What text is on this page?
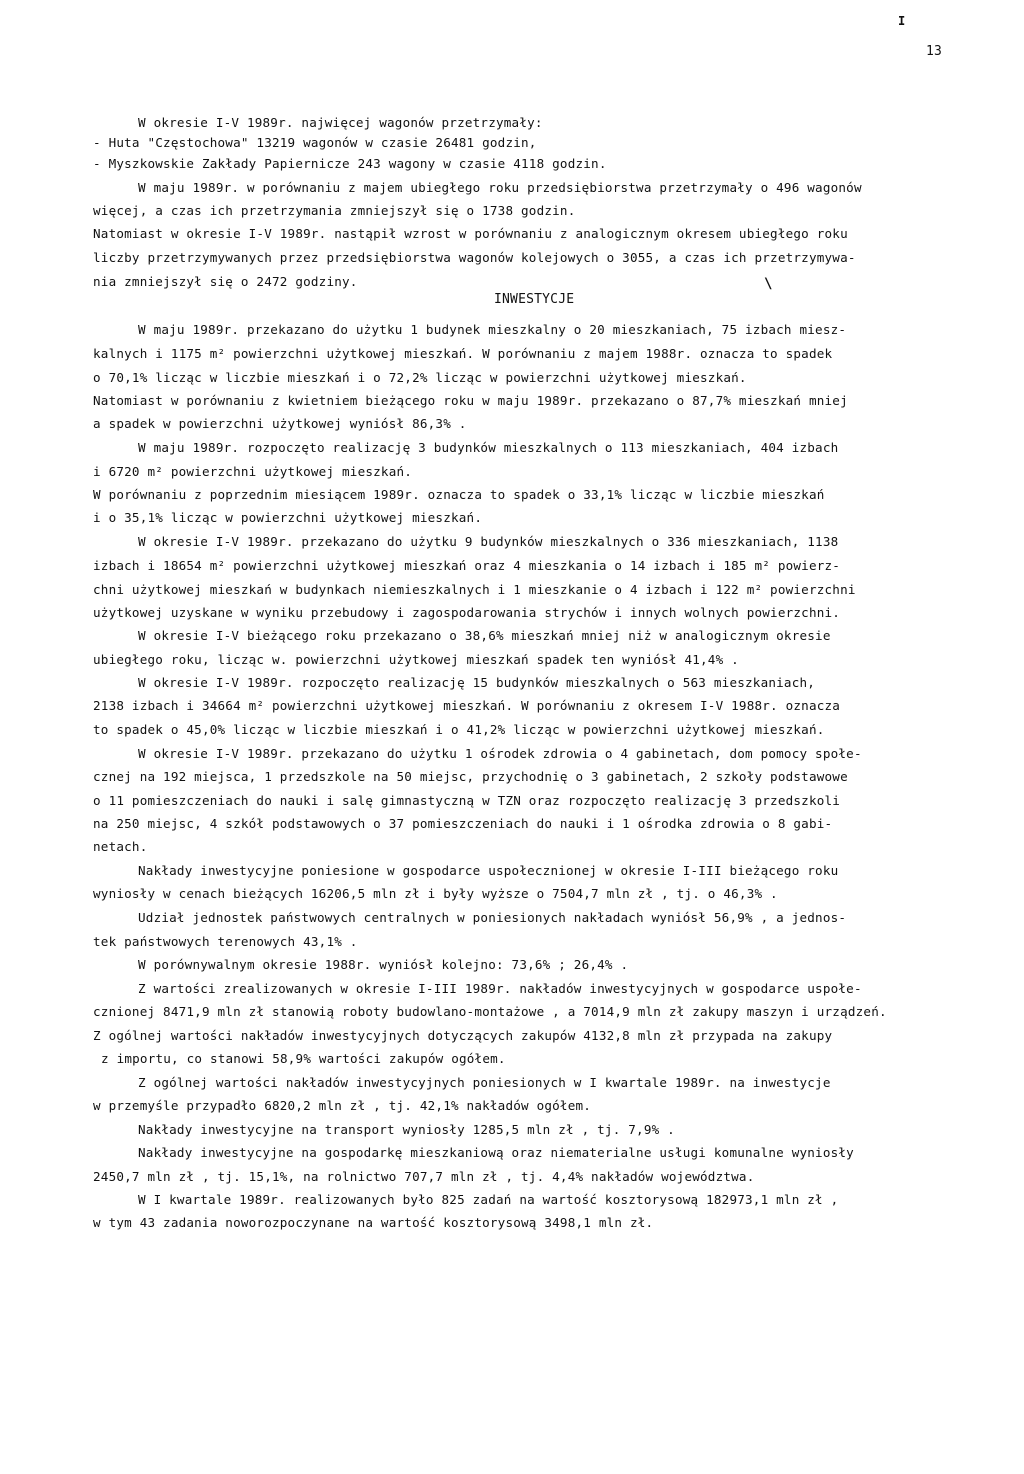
I
13
W okresie I-V 1989r. najwięcej wagonów przetrzymały:
- Huta "Częstochowa" 13219 wagonów w czasie 26481 godzin,
- Myszkowskie Zakłady Papiernicze 243 wagony w czasie 4118 godzin.
W maju 1989r. w porównaniu z majem ubiegłego roku przedsiębiorstwa przetrzymały o 496 wagonów
więcej, a czas ich przetrzymania zmniejszył się o 1738 godzin.
Natomiast w okresie I-V 1989r. nastąpił wzrost w porównaniu z analogicznym okresem ubiegłego roku
liczby przetrzymywanych przez przedsiębiorstwa wagonów kolejowych o 3055, a czas ich przetrzymywa-
nia zmniejszył się o 2472 godziny.	\
INWESTYCJE
W maju 1989r. przekazano do użytku 1 budynek mieszkalny o 20 mieszkaniach, 75 izbach miesz-
kalnych i 1175 m² powierzchni użytkowej mieszkań. W porównaniu z majem 1988r. oznacza to spadek
o 70,1% licząc w liczbie mieszkań i o 72,2% licząc w powierzchni użytkowej mieszkań.
Natomiast w porównaniu z kwietniem bieżącego roku w maju 1989r. przekazano o 87,7% mieszkań mniej
a spadek w powierzchni użytkowej wyniósł 86,3% .
W maju 1989r. rozpoczęto realizację 3 budynków mieszkalnych o 113 mieszkaniach, 404 izbach
i 6720 m² powierzchni użytkowej mieszkań.
W porównaniu z poprzednim miesiącem 1989r. oznacza to spadek o 33,1% licząc w liczbie mieszkań
i o 35,1% licząc w powierzchni użytkowej mieszkań.
W okresie I-V 1989r. przekazano do użytku 9 budynków mieszkalnych o 336 mieszkaniach, 1138
izbach i 18654 m² powierzchni użytkowej mieszkań oraz 4 mieszkania o 14 izbach i 185 m² powierz-
chni użytkowej mieszkań w budynkach niemieszkalnych i 1 mieszkanie o 4 izbach i 122 m² powierzchni
użytkowej uzyskane w wyniku przebudowy i zagospodarowania strychów i innych wolnych powierzchni.
W okresie I-V bieżącego roku przekazano o 38,6% mieszkań mniej niż w analogicznym okresie
ubiegłego roku, licząc w. powierzchni użytkowej mieszkań spadek ten wyniósł 41,4% .
W okresie I-V 1989r. rozpoczęto realizację 15 budynków mieszkalnych o 563 mieszkaniach,
2138 izbach i 34664 m² powierzchni użytkowej mieszkań. W porównaniu z okresem I-V 1988r. oznacza
to spadek o 45,0% licząc w liczbie mieszkań i o 41,2% licząc w powierzchni użytkowej mieszkań.
W okresie I-V 1989r. przekazano do użytku 1 ośrodek zdrowia o 4 gabinetach, dom pomocy społe-
cznej na 192 miejsca, 1 przedszkole na 50 miejsc, przychodnię o 3 gabinetach, 2 szkoły podstawowe
o 11 pomieszczeniach do nauki i salę gimnastyczną w TZN oraz rozpoczęto realizację 3 przedszkoli
na 250 miejsc, 4 szkół podstawowych o 37 pomieszczeniach do nauki i 1 ośrodka zdrowia o 8 gabi-
netach.
Nakłady inwestycyjne poniesione w gospodarce uspołecznionej w okresie I-III bieżącego roku
wyniosły w cenach bieżących 16206,5 mln zł i były wyższe o 7504,7 mln zł , tj. o 46,3% .
Udział jednostek państwowych centralnych w poniesionych nakładach wyniósł 56,9% , a jednos-
tek państwowych terenowych 43,1% .
W porównywalnym okresie 1988r. wyniósł kolejno: 73,6% ; 26,4% .
Z wartości zrealizowanych w okresie I-III 1989r. nakładów inwestycyjnych w gospodarce uspołe-
cznionej 8471,9 mln zł stanowią roboty budowlano-montażowe , a 7014,9 mln zł zakupy maszyn i urządzeń.
Z ogólnej wartości nakładów inwestycyjnych dotyczących zakupów 4132,8 mln zł przypada na zakupy
z importu, co stanowi 58,9% wartości zakupów ogółem.
Z ogólnej wartości nakładów inwestycyjnych poniesionych w I kwartale 1989r. na inwestycje
w przemyśle przypadło 6820,2 mln zł , tj. 42,1% nakładów ogółem.
Nakłady inwestycyjne na transport wyniosły 1285,5 mln zł , tj. 7,9% .
Nakłady inwestycyjne na gospodarkę mieszkaniową oraz niematerialne usługi komunalne wyniosły
2450,7 mln zł , tj. 15,1%, na rolnictwo 707,7 mln zł , tj. 4,4% nakładów województwa.
W I kwartale 1989r. realizowanych było 825 zadań na wartość kosztorysową 182973,1 mln zł ,
w tym 43 zadania noworozpoczynane na wartość kosztorysową 3498,1 mln zł.
